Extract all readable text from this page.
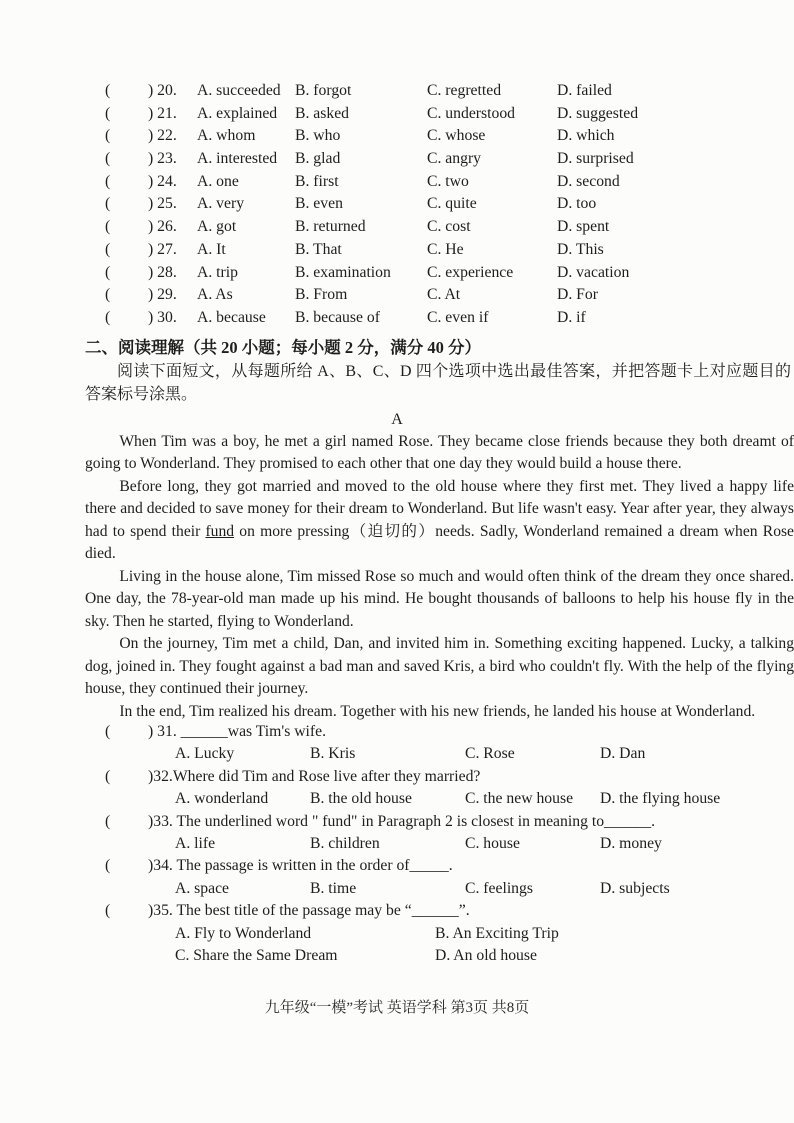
(	) 20.	A. succeeded B. forgot	C. regretted	D. failed
(	) 21.	A. explained	B. asked	C. understood	D. suggested
(	) 22.	A. whom	B. who	C. whose	D. which
(	) 23.	A. interested	B. glad	C. angry	D. surprised
(	) 24.	A. one	B. first	C. two	D. second
(	) 25.	A. very	B. even	C. quite	D. too
(	) 26.	A. got	B. returned	C. cost	D. spent
(	) 27.	A. It	B. That	C. He	D. This
(	) 28.	A. trip	B. examination	C. experience	D. vacation
(	) 29.	A. As	B. From	C. At	D. For
(	) 30.	A. because	B. because of	C. even if	D. if
二、阅读理解（共 20 小题；每小题 2 分，满分 40 分）

阅读下面短文，从每题所给 A、B、C、D 四个选项中选出最佳答案，并把答题卡上对应题目的答案标号涂黑。

A

When Tim was a boy, he met a girl named Rose. They became close friends because they both dreamt of going to Wonderland. They promised to each other that one day they would build a house there.

Before long, they got married and moved to the old house where they first met. They lived a happy life there and decided to save money for their dream to Wonderland. But life wasn't easy. Year after year, they always had to spend their fund on more pressing（迫切的）needs. Sadly, Wonderland remained a dream when Rose died.

Living in the house alone, Tim missed Rose so much and would often think of the dream they once shared. One day, the 78-year-old man made up his mind. He bought thousands of balloons to help his house fly in the sky. Then he started, flying to Wonderland.

On the journey, Tim met a child, Dan, and invited him in. Something exciting happened. Lucky, a talking dog, joined in. They fought against a bad man and saved Kris, a bird who couldn't fly. With the help of the flying house, they continued their journey.

In the end, Tim realized his dream. Together with his new friends, he landed his house at Wonderland.

(	) 31. ______was Tim's wife.
A. Lucky	B. Kris	C. Rose	D. Dan
(	)32.Where did Tim and Rose live after they married?
A. wonderland	B. the old house	C. the new house	D. the flying house
(	)33. The underlined word " fund" in Paragraph 2 is closest in meaning to______.
A. life	B. children	C. house	D. money
(	)34. The passage is written in the order of_____.
A. space	B. time	C. feelings	D. subjects
(	)35. The best title of the passage may be “______”.
A. Fly to Wonderland	B. An Exciting Trip
C. Share the Same Dream	D. An old house
九年级“一模”考试 英语学科 第3页 共8页
